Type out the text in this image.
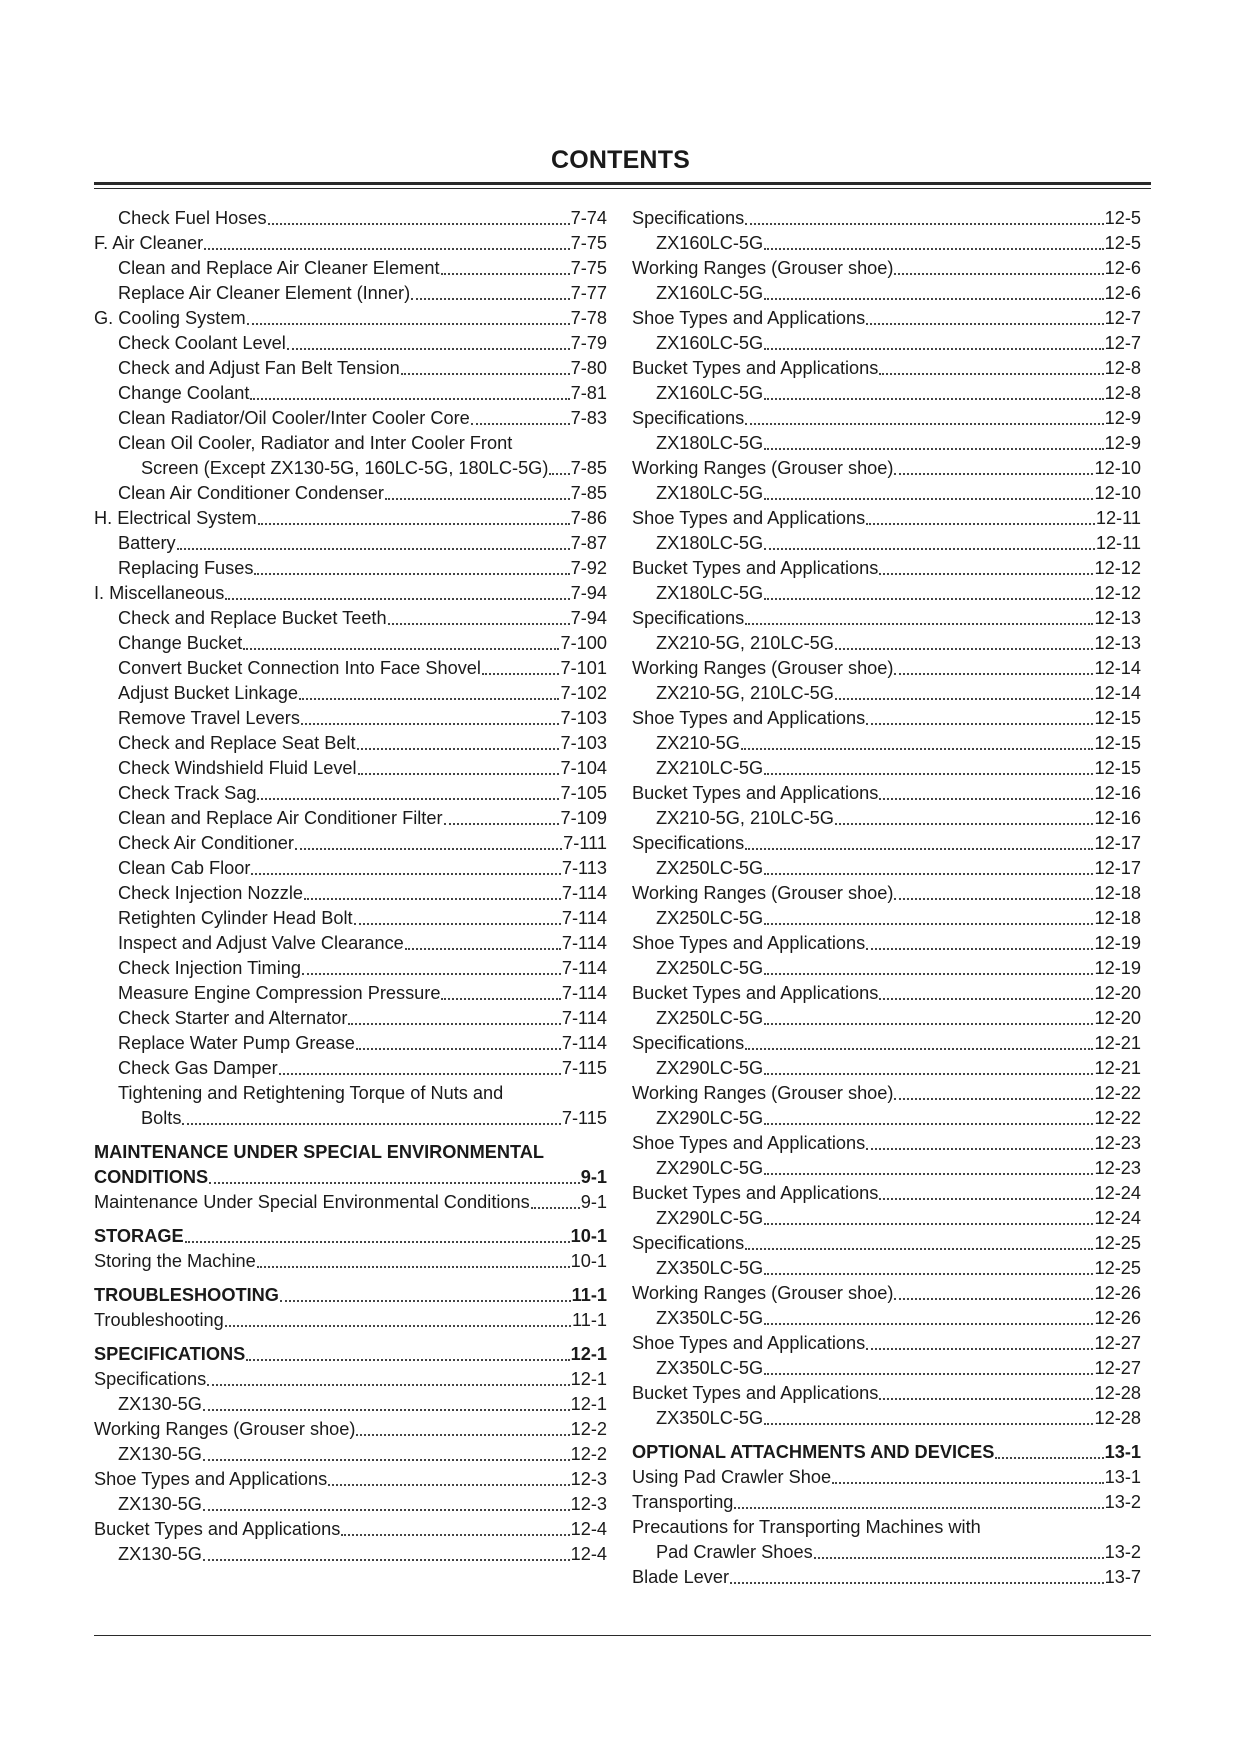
CONTENTS
Check Fuel Hoses	7-74
F. Air Cleaner	7-75
Clean and Replace Air Cleaner Element	7-75
Replace Air Cleaner Element (Inner)	7-77
G. Cooling System	7-78
Check Coolant Level	7-79
Check and Adjust Fan Belt Tension	7-80
Change Coolant	7-81
Clean Radiator/Oil Cooler/Inter Cooler Core	7-83
Clean Oil Cooler, Radiator and Inter Cooler Front
Screen (Except ZX130-5G, 160LC-5G, 180LC-5G) 7-85
Clean Air Conditioner Condenser	7-85
H. Electrical System	7-86
Battery	7-87
Replacing Fuses	7-92
I. Miscellaneous	7-94
Check and Replace Bucket Teeth	7-94
Change Bucket	7-100
Convert Bucket Connection Into Face Shovel	7-101
Adjust Bucket Linkage	7-102
Remove Travel Levers	7-103
Check and Replace Seat Belt	7-103
Check Windshield Fluid Level	7-104
Check Track Sag	7-105
Clean and Replace Air Conditioner Filter	7-109
Check Air Conditioner	7-111
Clean Cab Floor	7-113
Check Injection Nozzle	7-114
Retighten Cylinder Head Bolt	7-114
Inspect and Adjust Valve Clearance	7-114
Check Injection Timing	7-114
Measure Engine Compression Pressure	7-114
Check Starter and Alternator	7-114
Replace Water Pump Grease	7-114
Check Gas Damper	7-115
Tightening and Retightening Torque of Nuts and
Bolts	7-115
MAINTENANCE UNDER SPECIAL ENVIRONMENTAL
CONDITIONS	9-1
Maintenance Under Special Environmental Conditions	9-1
STORAGE	10-1
Storing the Machine	10-1
TROUBLESHOOTING	11-1
Troubleshooting	11-1
SPECIFICATIONS	12-1
Specifications	12-1
ZX130-5G	12-1
Working Ranges (Grouser shoe)	12-2
ZX130-5G	12-2
Shoe Types and Applications	12-3
ZX130-5G	12-3
Bucket Types and Applications	12-4
ZX130-5G	12-4
Specifications	12-5
ZX160LC-5G	12-5
Working Ranges (Grouser shoe)	12-6
ZX160LC-5G	12-6
Shoe Types and Applications	12-7
ZX160LC-5G	12-7
Bucket Types and Applications	12-8
ZX160LC-5G	12-8
Specifications	12-9
ZX180LC-5G	12-9
Working Ranges (Grouser shoe)	12-10
ZX180LC-5G	12-10
Shoe Types and Applications	12-11
ZX180LC-5G	12-11
Bucket Types and Applications	12-12
ZX180LC-5G	12-12
Specifications	12-13
ZX210-5G, 210LC-5G	12-13
Working Ranges (Grouser shoe)	12-14
ZX210-5G, 210LC-5G	12-14
Shoe Types and Applications	12-15
ZX210-5G	12-15
ZX210LC-5G	12-15
Bucket Types and Applications	12-16
ZX210-5G, 210LC-5G	12-16
Specifications	12-17
ZX250LC-5G	12-17
Working Ranges (Grouser shoe)	12-18
ZX250LC-5G	12-18
Shoe Types and Applications	12-19
ZX250LC-5G	12-19
Bucket Types and Applications	12-20
ZX250LC-5G	12-20
Specifications	12-21
ZX290LC-5G	12-21
Working Ranges (Grouser shoe)	12-22
ZX290LC-5G	12-22
Shoe Types and Applications	12-23
ZX290LC-5G	12-23
Bucket Types and Applications	12-24
ZX290LC-5G	12-24
Specifications	12-25
ZX350LC-5G	12-25
Working Ranges (Grouser shoe)	12-26
ZX350LC-5G	12-26
Shoe Types and Applications	12-27
ZX350LC-5G	12-27
Bucket Types and Applications	12-28
ZX350LC-5G	12-28
OPTIONAL ATTACHMENTS AND DEVICES	13-1
Using Pad Crawler Shoe	13-1
Transporting	13-2
Precautions for Transporting Machines with
Pad Crawler Shoes	13-2
Blade Lever	13-7
